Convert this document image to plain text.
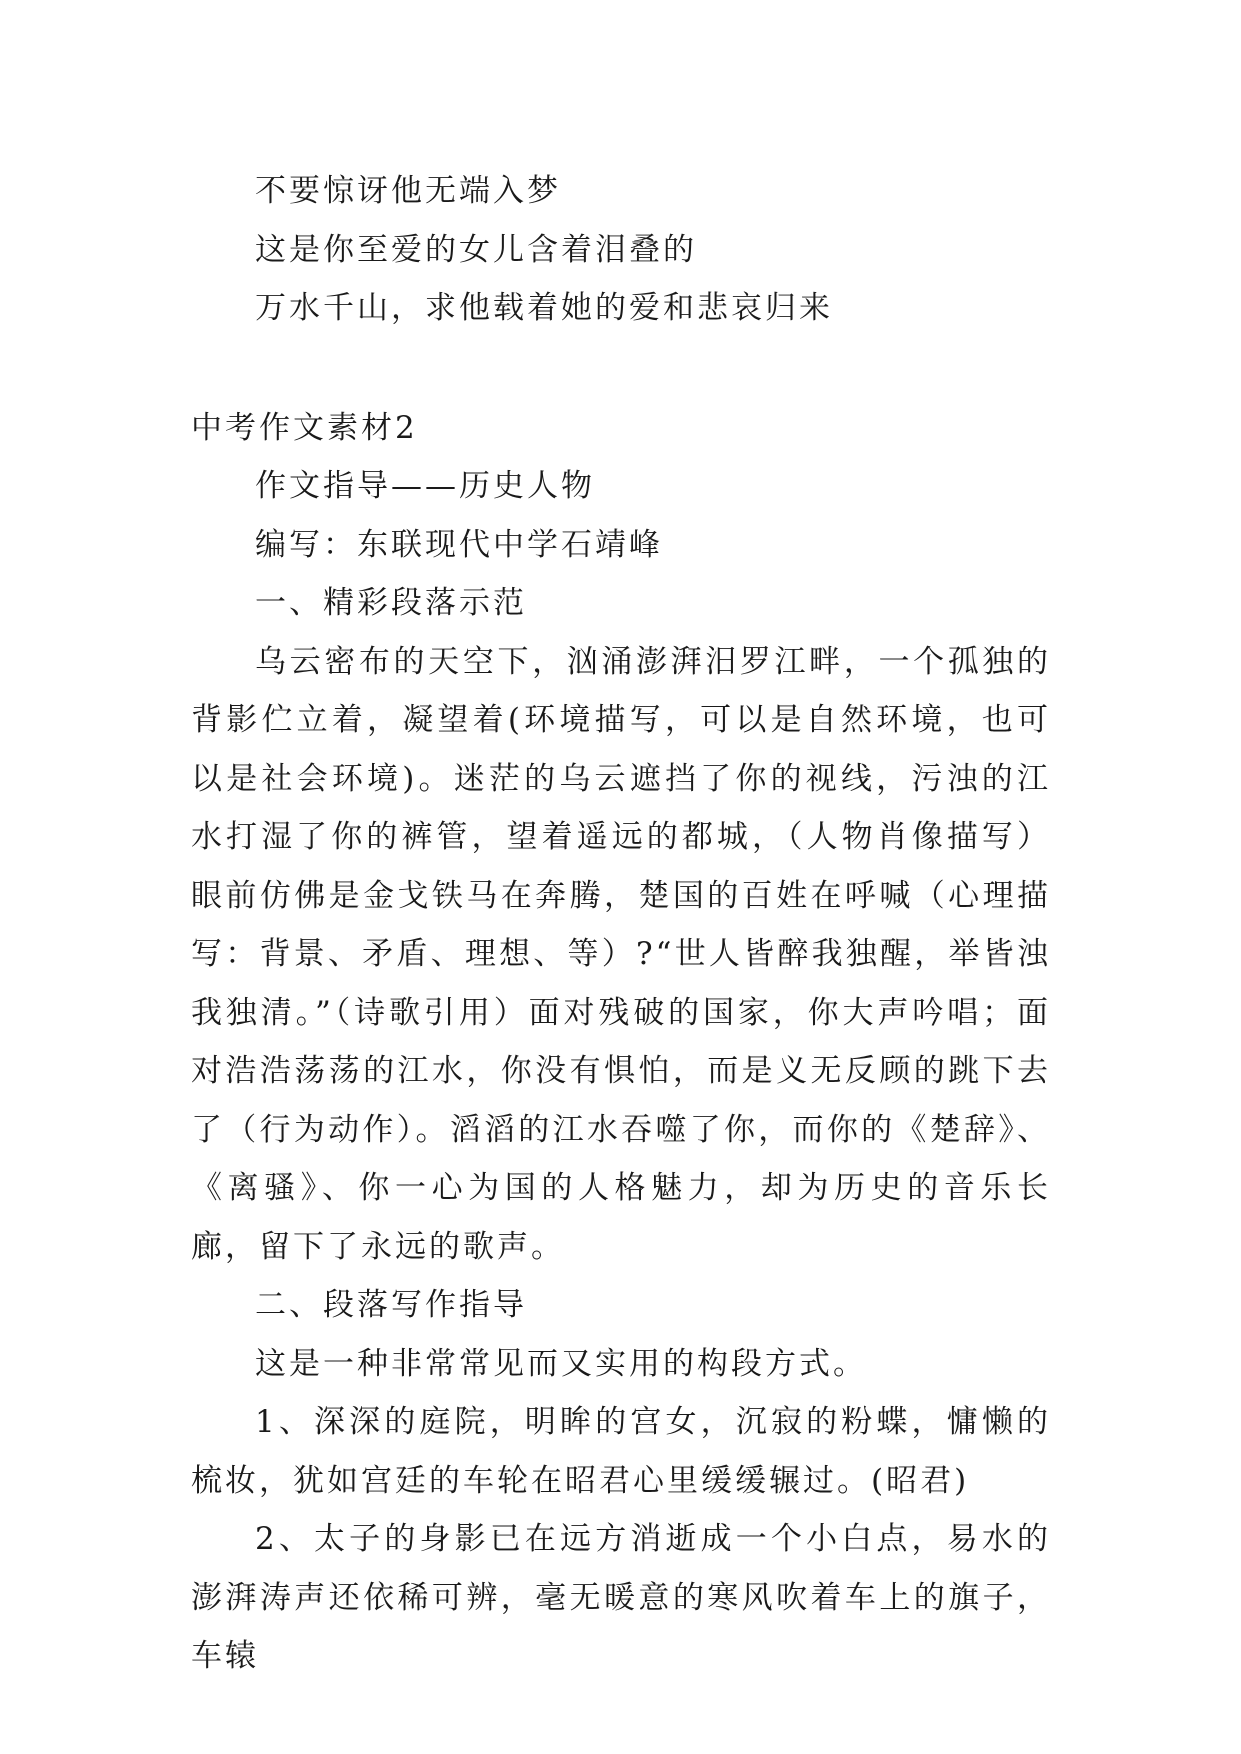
不要惊讶他无端入梦

这是你至爱的女儿含着泪叠的

万水千山，求他载着她的爱和悲哀归来

中考作文素材2

作文指导——历史人物

编写：东联现代中学石靖峰

一、精彩段落示范

乌云密布的天空下，汹涌澎湃汨罗江畔，一个孤独的背影伫立着，凝望着(环境描写，可以是自然环境，也可以是社会环境)。迷茫的乌云遮挡了你的视线，污浊的江水打湿了你的裤管，望着遥远的都城，（人物肖像描写）眼前仿佛是金戈铁马在奔腾，楚国的百姓在呼喊（心理描写：背景、矛盾、理想、等）?“世人皆醉我独醒，举皆浊我独清。”（诗歌引用）面对残破的国家，你大声吟唱；面对浩浩荡荡的江水，你没有惧怕，而是义无反顾的跳下去了（行为动作）。滔滔的江水吞噬了你，而你的《楚辞》、《离骚》、你一心为国的人格魅力，却为历史的音乐长廊，留下了永远的歌声。

二、段落写作指导

这是一种非常常见而又实用的构段方式。

1、深深的庭院，明眸的宫女，沉寂的粉蝶，慵懒的梳妆，犹如宫廷的车轮在昭君心里缓缓辗过。(昭君)

2、太子的身影已在远方消逝成一个小白点，易水的澎湃涛声还依稀可辨，毫无暖意的寒风吹着车上的旗子，车辕
